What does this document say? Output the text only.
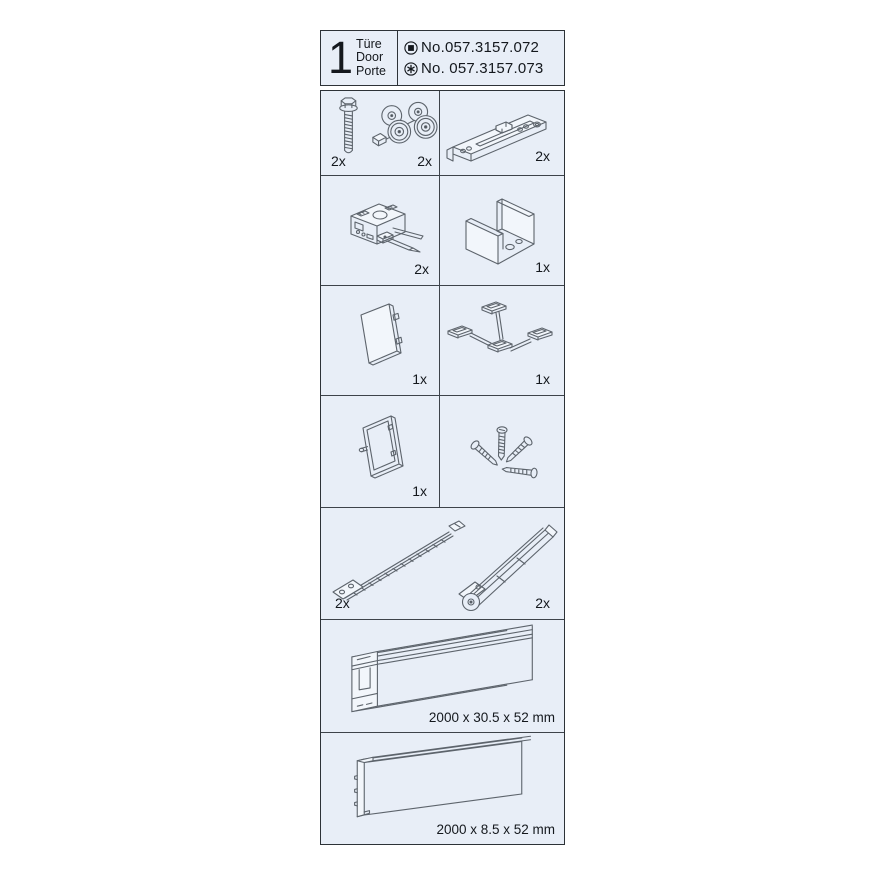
1 Türe
Door
Porte
No.057.3157.072
No. 057.3157.073
2x	2x	2x
2x	1x
1x	1x
1x
2x	2x
2000 x 30.5 x 52 mm
2000 x 8.5 x 52 mm
